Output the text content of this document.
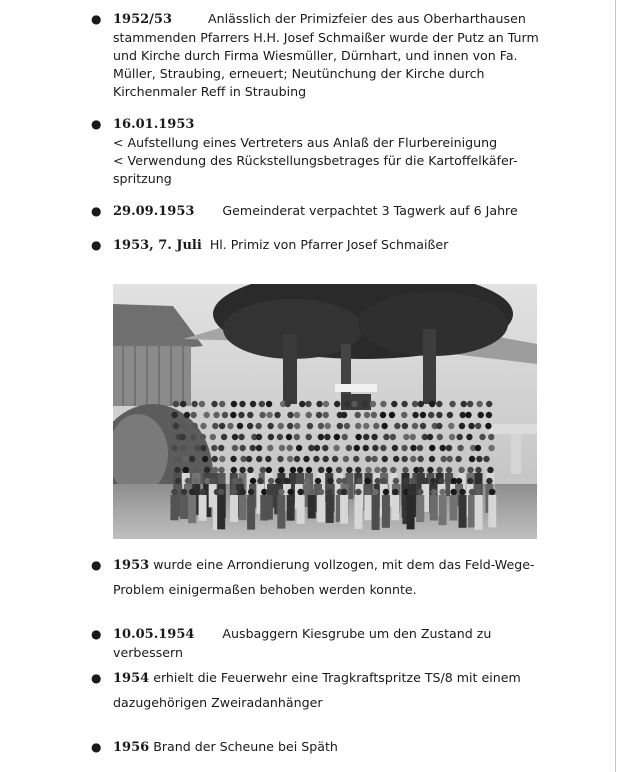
● 1952/53	Anlässlich der Primizfeier des aus Oberharthausen
stammenden Pfarrers H.H. Josef Schmaißer wurde der Putz an Turm
und Kirche durch Firma Wiesmüller, Dürnhart, und innen von Fa.
Müller, Straubing, erneuert; Neutünchung der Kirche durch
Kirchenmaler Reff in Straubing
● 16.01.1953
< Aufstellung eines Vertreters aus Anlaß der Flurbereinigung
< Verwendung des Rückstellungsbetrages für die Kartoffelkäfer-
spritzung
● 29.09.1953 Gemeinderat verpachtet 3 Tagwerk auf 6 Jahre
● 1953, 7. Juli Hl. Primiz von Pfarrer Josef Schmaißer
● 1953 wurde eine Arrondierung vollzogen, mit dem das Feld-Wege-
Problem einigermaßen behoben werden konnte.
● 10.05.1954 Ausbaggern Kiesgrube um den Zustand zu
verbessern
● 1954 erhielt die Feuerwehr eine Tragkraftspritze TS/8 mit einem
dazugehörigen Zweiradanhänger
● 1956 Brand der Scheune bei Späth
